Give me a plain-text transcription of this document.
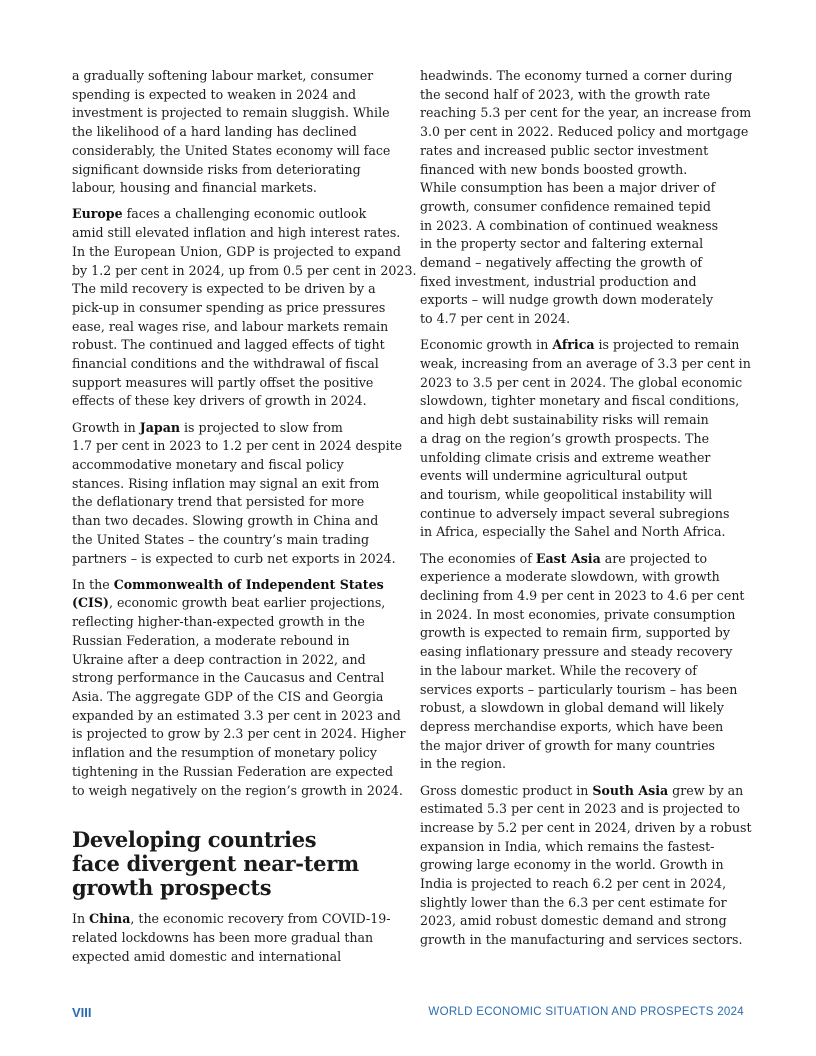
a gradually softening labour market, consumer
spending is expected to weaken in 2024 and
investment is projected to remain sluggish. While
the likelihood of a hard landing has declined
considerably, the United States economy will face
significant downside risks from deteriorating
labour, housing and financial markets.

Europe faces a challenging economic outlook
amid still elevated inflation and high interest rates.
In the European Union, GDP is projected to expand
by 1.2 per cent in 2024, up from 0.5 per cent in 2023.
The mild recovery is expected to be driven by a
pick-up in consumer spending as price pressures
ease, real wages rise, and labour markets remain
robust. The continued and lagged effects of tight
financial conditions and the withdrawal of fiscal
support measures will partly offset the positive
effects of these key drivers of growth in 2024.

Growth in Japan is projected to slow from
1.7 per cent in 2023 to 1.2 per cent in 2024 despite
accommodative monetary and fiscal policy
stances. Rising inflation may signal an exit from
the deflationary trend that persisted for more
than two decades. Slowing growth in China and
the United States – the country’s main trading
partners – is expected to curb net exports in 2024.

In the Commonwealth of Independent States
(CIS), economic growth beat earlier projections,
reflecting higher-than-expected growth in the
Russian Federation, a moderate rebound in
Ukraine after a deep contraction in 2022, and
strong performance in the Caucasus and Central
Asia. The aggregate GDP of the CIS and Georgia
expanded by an estimated 3.3 per cent in 2023 and
is projected to grow by 2.3 per cent in 2024. Higher
inflation and the resumption of monetary policy
tightening in the Russian Federation are expected
to weigh negatively on the region’s growth in 2024.

Developing countries
face divergent near-term
growth prospects

In China, the economic recovery from COVID-19-
related lockdowns has been more gradual than
expected amid domestic and international

headwinds. The economy turned a corner during
the second half of 2023, with the growth rate
reaching 5.3 per cent for the year, an increase from
3.0 per cent in 2022. Reduced policy and mortgage
rates and increased public sector investment
financed with new bonds boosted growth.
While consumption has been a major driver of
growth, consumer confidence remained tepid
in 2023. A combination of continued weakness
in the property sector and faltering external
demand – negatively affecting the growth of
fixed investment, industrial production and
exports – will nudge growth down moderately
to 4.7 per cent in 2024.

Economic growth in Africa is projected to remain
weak, increasing from an average of 3.3 per cent in
2023 to 3.5 per cent in 2024. The global economic
slowdown, tighter monetary and fiscal conditions,
and high debt sustainability risks will remain
a drag on the region’s growth prospects. The
unfolding climate crisis and extreme weather
events will undermine agricultural output
and tourism, while geopolitical instability will
continue to adversely impact several subregions
in Africa, especially the Sahel and North Africa.

The economies of East Asia are projected to
experience a moderate slowdown, with growth
declining from 4.9 per cent in 2023 to 4.6 per cent
in 2024. In most economies, private consumption
growth is expected to remain firm, supported by
easing inflationary pressure and steady recovery
in the labour market. While the recovery of
services exports – particularly tourism – has been
robust, a slowdown in global demand will likely
depress merchandise exports, which have been
the major driver of growth for many countries
in the region.

Gross domestic product in South Asia grew by an
estimated 5.3 per cent in 2023 and is projected to
increase by 5.2 per cent in 2024, driven by a robust
expansion in India, which remains the fastest-
growing large economy in the world. Growth in
India is projected to reach 6.2 per cent in 2024,
slightly lower than the 6.3 per cent estimate for
2023, amid robust domestic demand and strong
growth in the manufacturing and services sectors.

VIII	WORLD ECONOMIC SITUATION AND PROSPECTS 2024
